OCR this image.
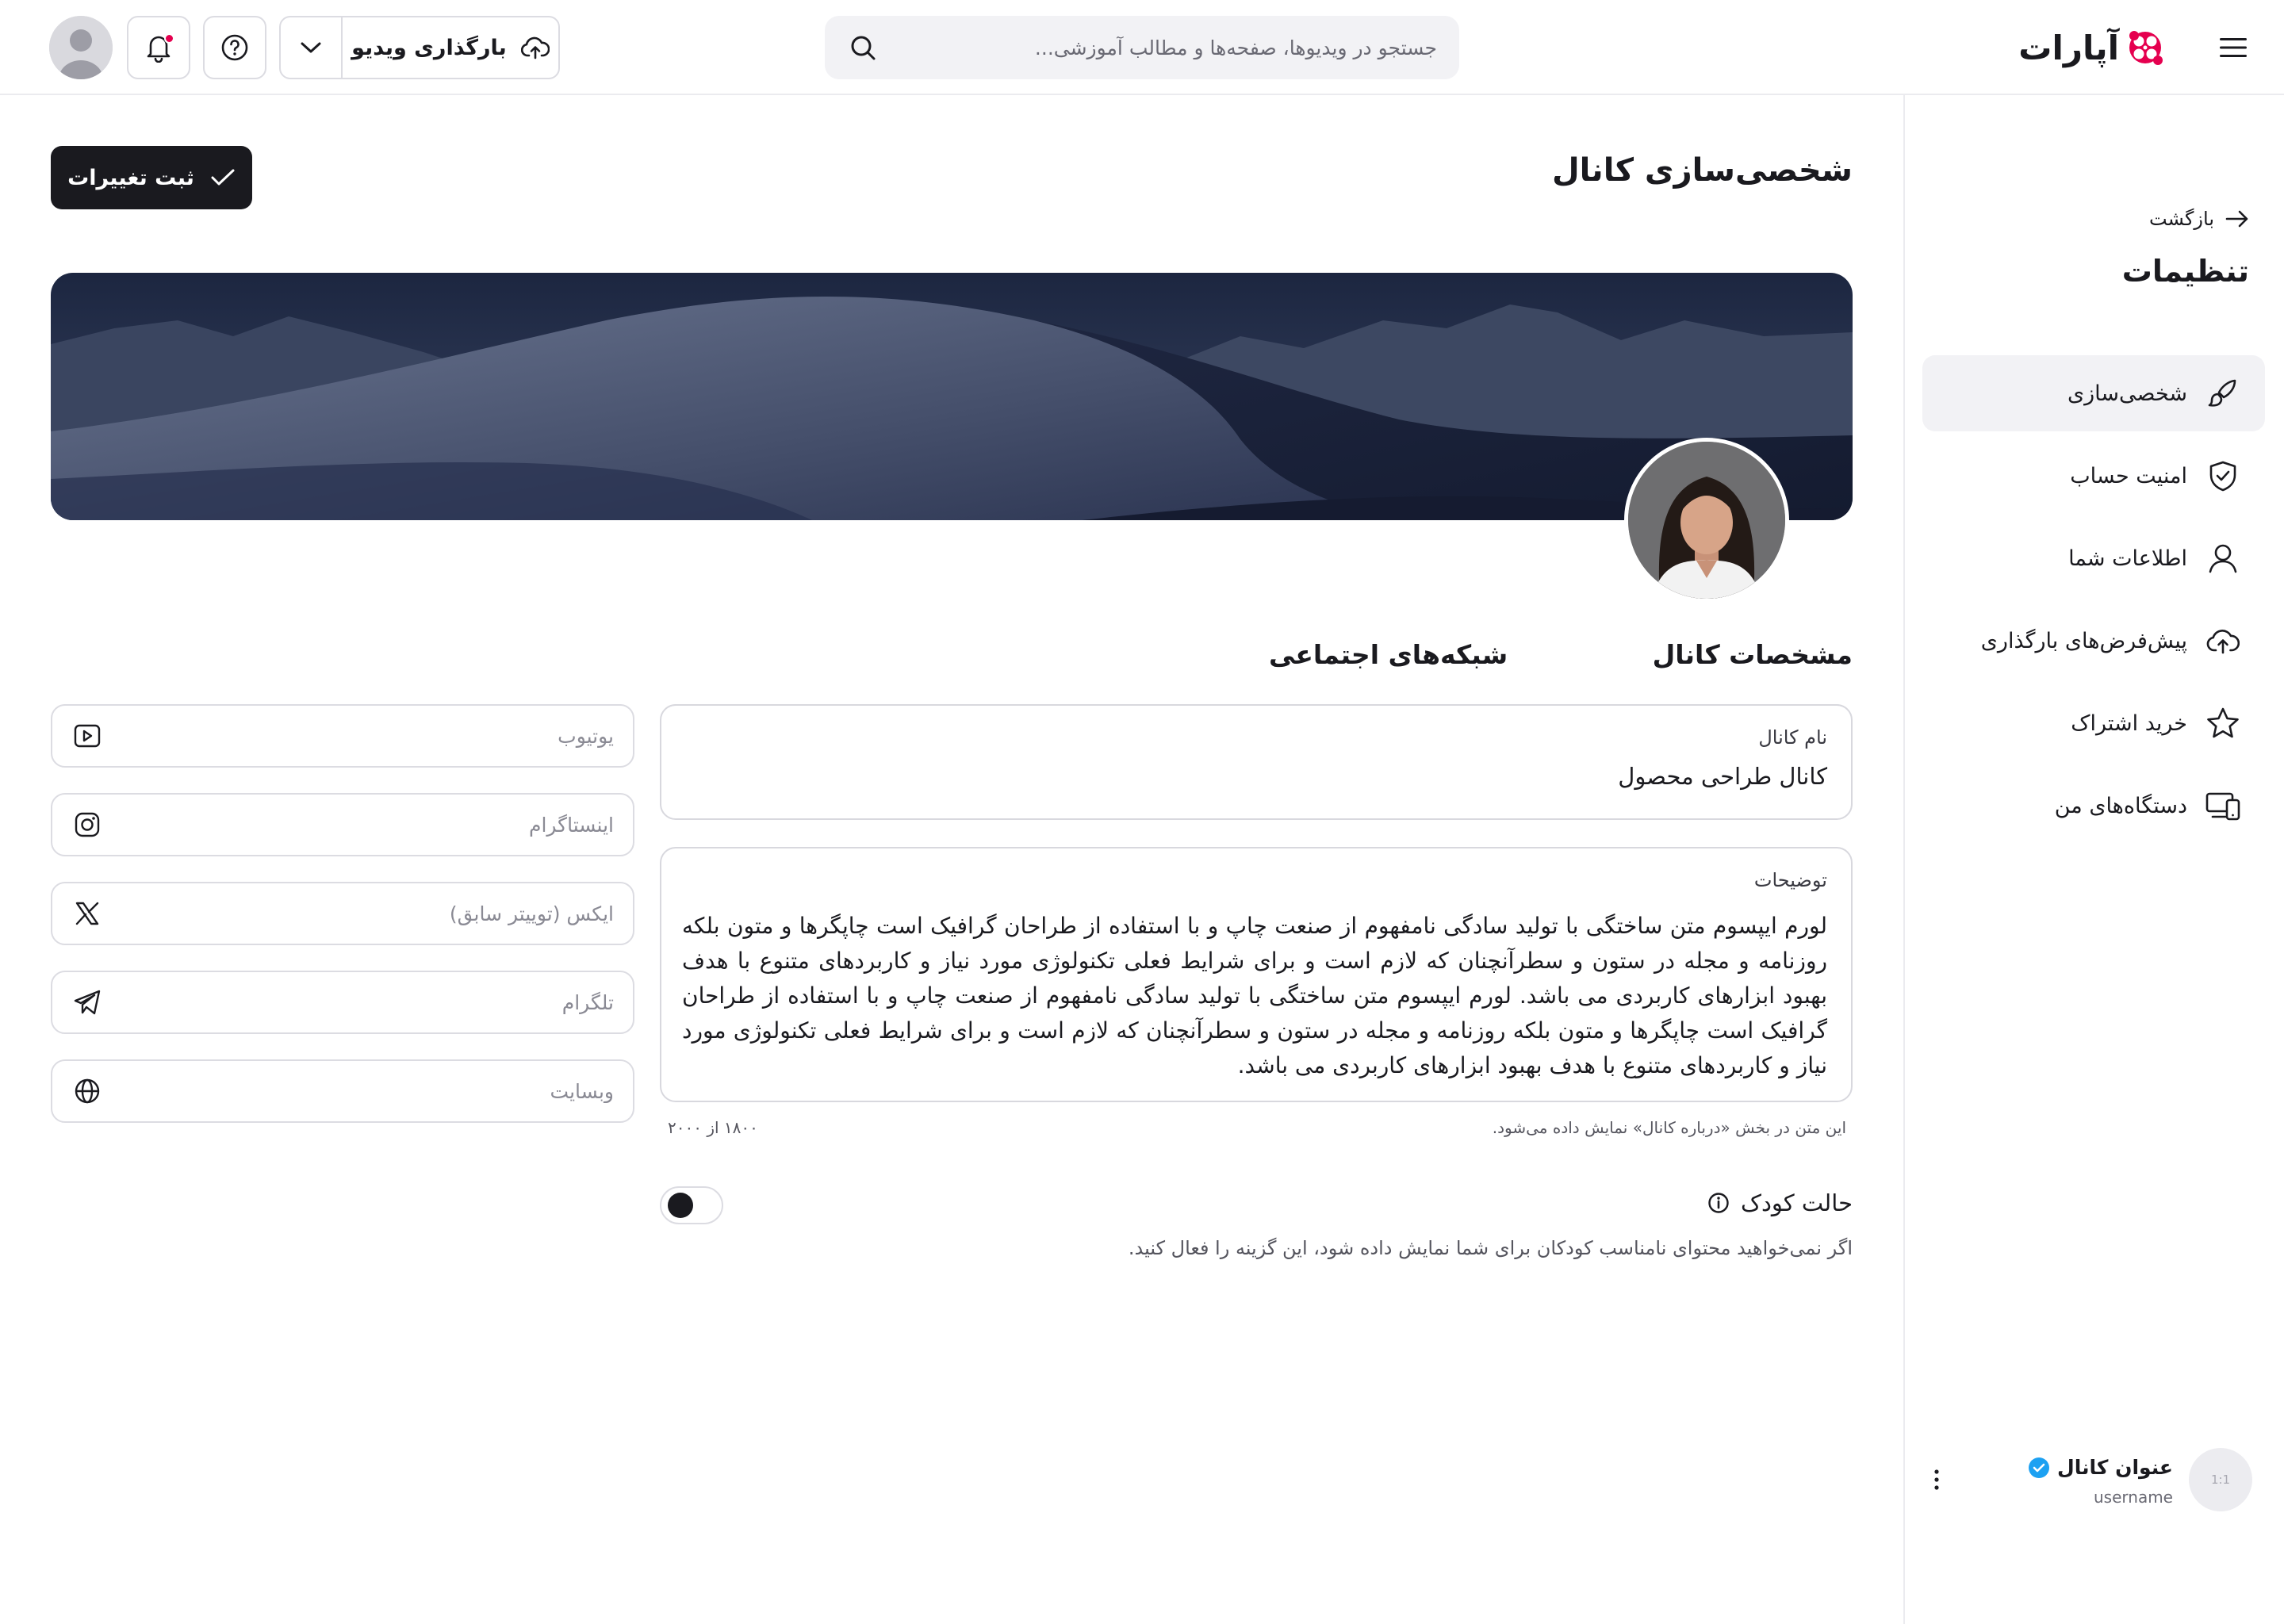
آپارات
جستجو در ویدیوها، صفحه‌ها و مطالب آموزشی...
بارگذاری ویدیو
بازگشت
تنظیمات
شخصی‌سازی
امنیت حساب
اطلاعات شما
پیش‌فرض‌های بارگذاری
خرید اشتراک
دستگاه‌های من
1:1
عنوان کانال
username
شخصی‌سازی کانال
ثبت تغییرات
مشخصات کانال
نام کانال
کانال طراحی محصول
توضیحات
لورم ایپسوم متن ساختگی با تولید سادگی نامفهوم از صنعت چاپ و با استفاده از طراحان گرافیک است چاپگرها و متون بلکه روزنامه و مجله در ستون و سطرآنچنان که لازم است و برای شرایط فعلی تکنولوژی مورد نیاز و کاربردهای متنوع با هدف بهبود ابزارهای کاربردی می باشد. لورم ایپسوم متن ساختگی با تولید سادگی نامفهوم از صنعت چاپ و با استفاده از طراحان گرافیک است چاپگرها و متون بلکه روزنامه و مجله در ستون و سطرآنچنان که لازم است و برای شرایط فعلی تکنولوژی مورد نیاز و کاربردهای متنوع با هدف بهبود ابزارهای کاربردی می باشد.
این متن در بخش «درباره کانال» نمایش داده می‌شود.
۱۸۰۰ از ۲۰۰۰
حالت کودک
اگر نمی‌خواهید محتوای نامناسب کودکان برای شما نمایش داده شود، این گزینه را فعال کنید.
شبکه‌های اجتماعی
یوتیوب
اینستاگرام
ایکس (توییتر سابق)
تلگرام
وبسایت
